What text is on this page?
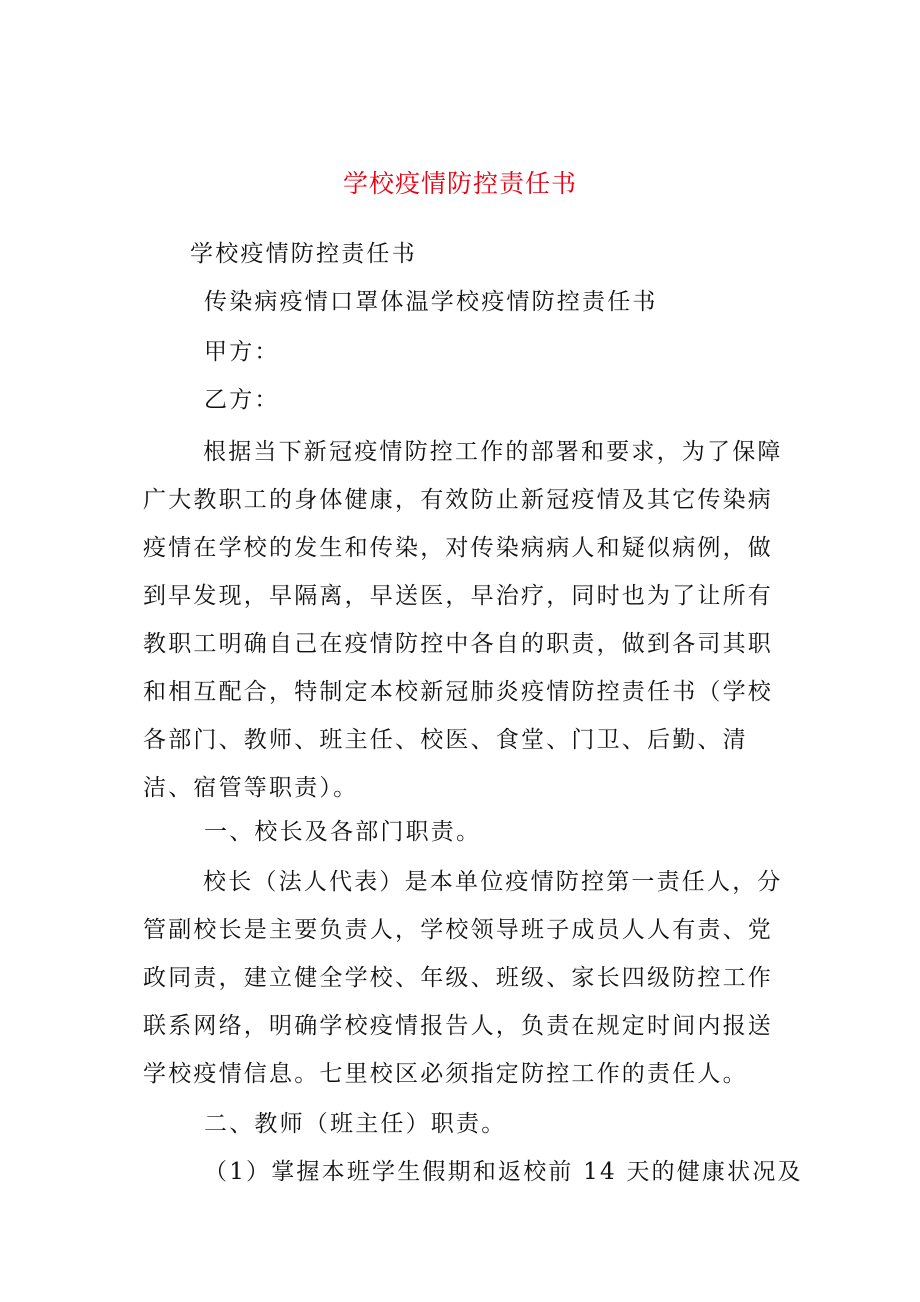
学校疫情防控责任书
学校疫情防控责任书
传染病疫情口罩体温学校疫情防控责任书
甲方：
乙方：

根据当下新冠疫情防控工作的部署和要求，为了保障广大教职工的身体健康，有效防止新冠疫情及其它传染病疫情在学校的发生和传染，对传染病病人和疑似病例，做到早发现，早隔离，早送医，早治疗，同时也为了让所有教职工明确自己在疫情防控中各自的职责，做到各司其职和相互配合，特制定本校新冠肺炎疫情防控责任书（学校各部门、教师、班主任、校医、食堂、门卫、后勤、清洁、宿管等职责）。

一、校长及各部门职责。

校长（法人代表）是本单位疫情防控第一责任人，分管副校长是主要负责人，学校领导班子成员人人有责、党政同责，建立健全学校、年级、班级、家长四级防控工作联系网络，明确学校疫情报告人，负责在规定时间内报送学校疫情信息。七里校区必须指定防控工作的责任人。

二、教师（班主任）职责。
（1）掌握本班学生假期和返校前 14 天的健康状况及
